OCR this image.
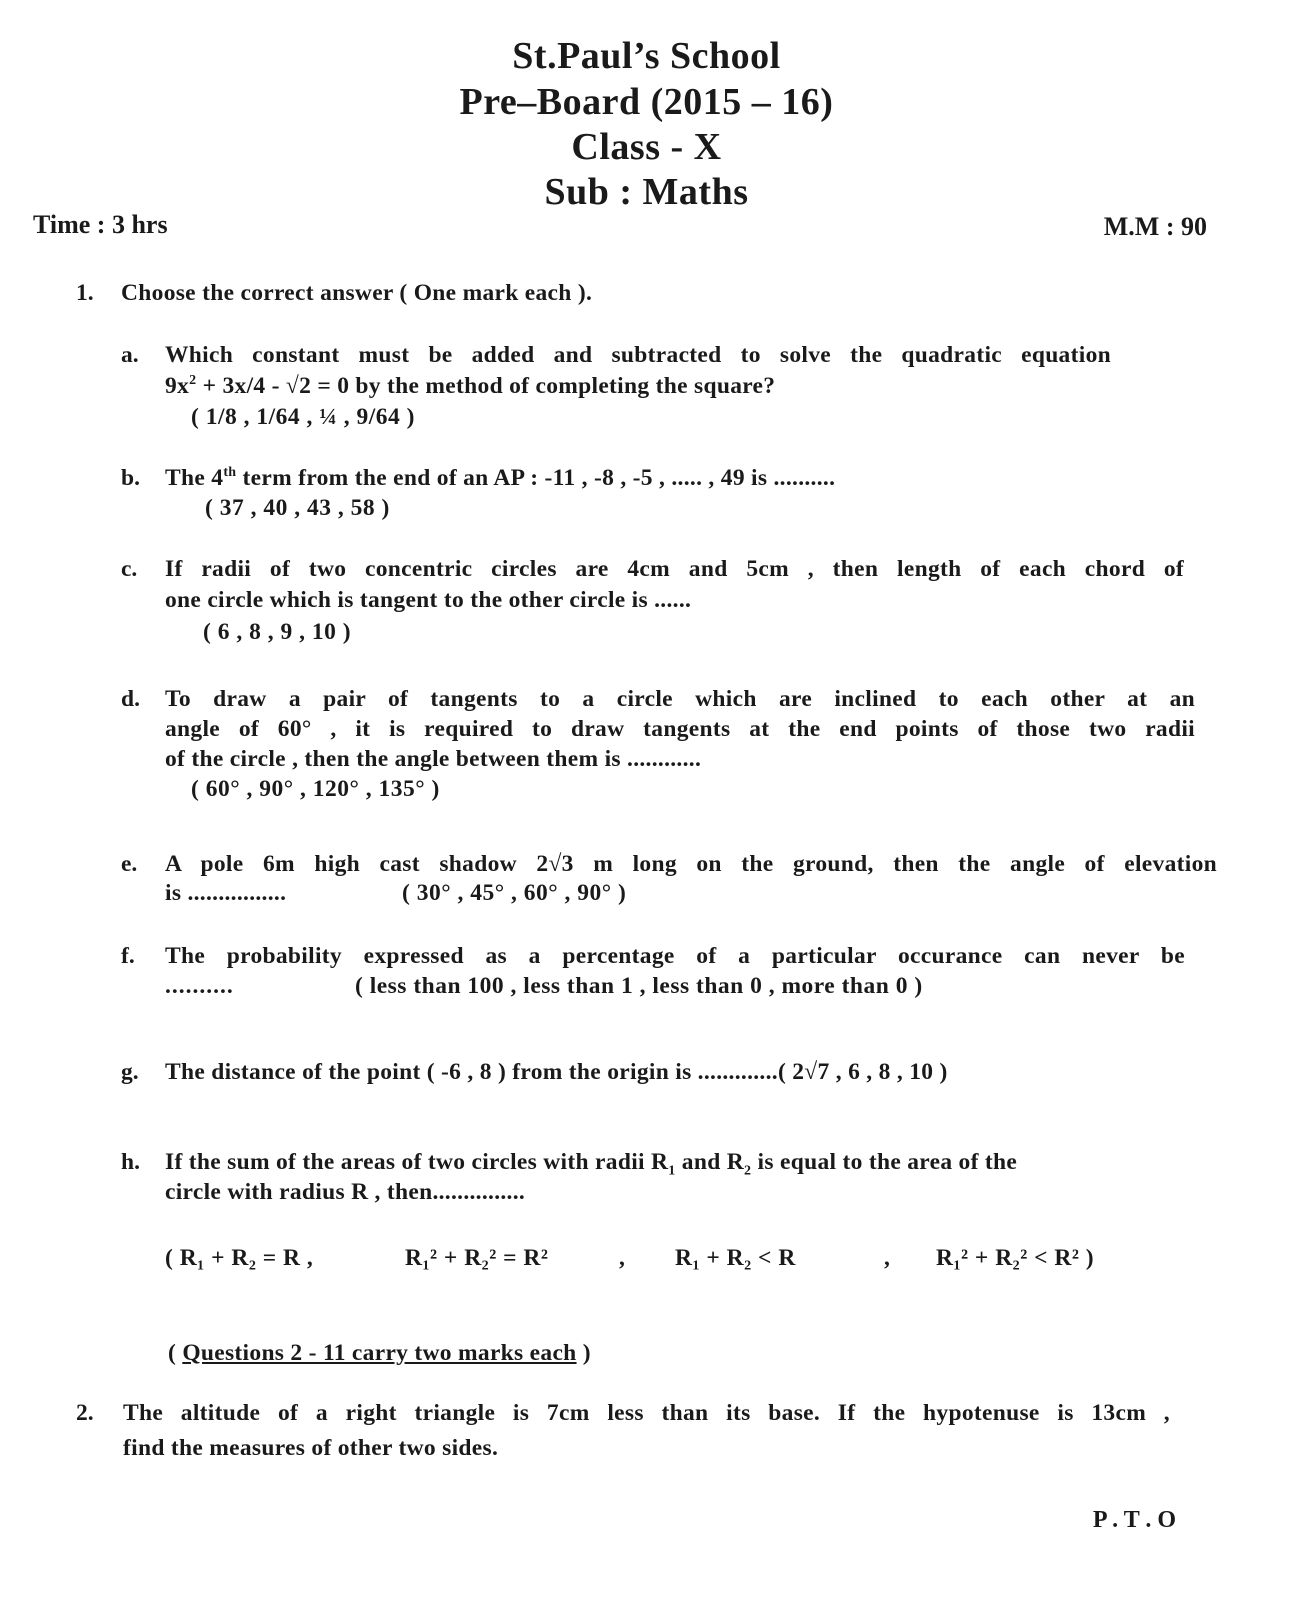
St.Paul’s School
Pre–Board (2015 – 16)
Class - X
Sub : Maths
Time : 3 hrs	M.M : 90
1. Choose the correct answer ( One mark each ).
a. Which constant must be added and subtracted to solve the quadratic equation
$9x^2 + 3x/4 - √2 = 0$ by the method of completing the square?
( 1/8 , 1/64 , ¼ , 9/64 )
b. The 4th term from the end of an AP : -11 , -8 , -5 , ..... , 49 is ..........
( 37 , 40 , 43 , 58 )
c. If radii of two concentric circles are 4cm and 5cm , then length of each chord of
one circle which is tangent to the other circle is ......
( 6 , 8 , 9 , 10 )
d. To draw a pair of tangents to a circle which are inclined to each other at an
angle of 60° , it is required to draw tangents at the end points of those two radii
of the circle , then the angle between them is ............
( 60° , 90° , 120° , 135° )
e. A pole 6m high cast shadow 2√3 m long on the ground, then the angle of elevation
is ................	( 30° , 45° , 60° , 90° )
f. The probability expressed as a percentage of a particular occurance can never be
..........	( less than 100 , less than 1 , less than 0 , more than 0 )
g. The distance of the point ( -6 , 8 ) from the origin is .............( 2√7 , 6 , 8 , 10 )
h. If the sum of the areas of two circles with radii $R_1$ and $R_2$ is equal to the area of the
circle with radius R , then...............
( R₁ + R₂ = R ,	R₁² + R₂² = R²	, R₁ + R₂ < R	, R₁² + R₂² < R² )
( Questions 2 - 11 carry two marks each )
2. The altitude of a right triangle is 7cm less than its base. If the hypotenuse is 13cm ,
find the measures of other two sides.
P . T . O
